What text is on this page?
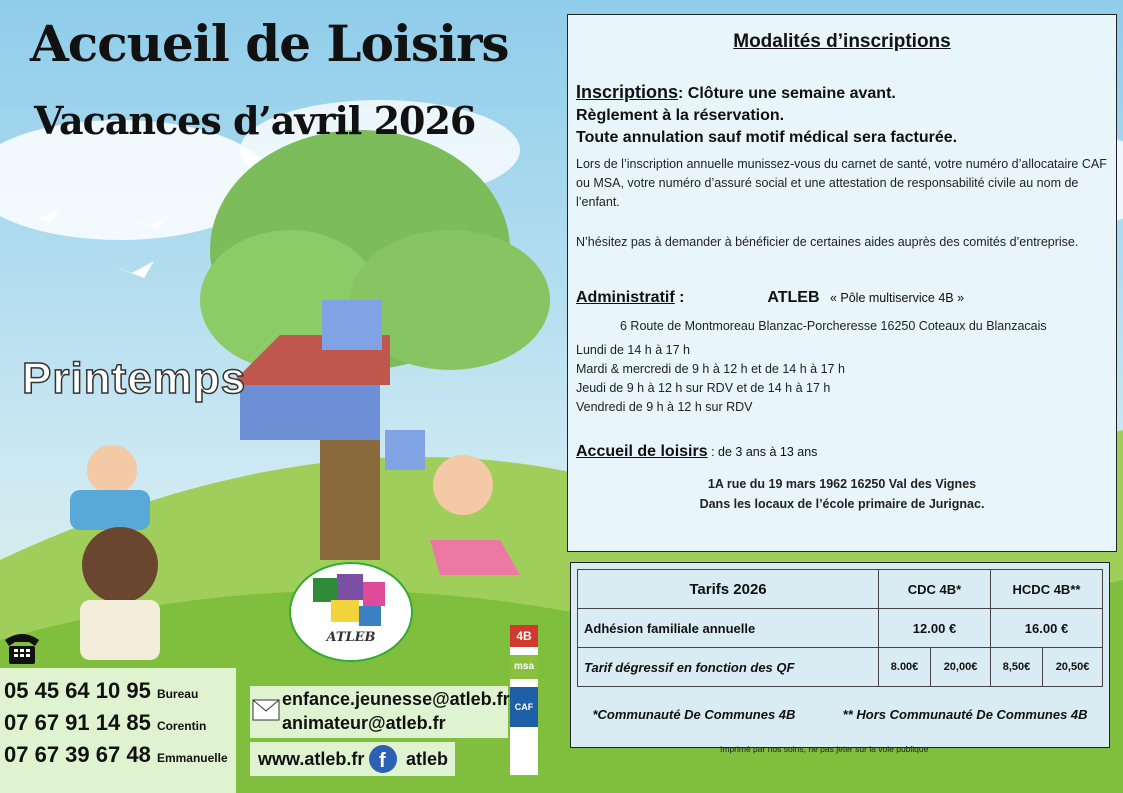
Accueil de Loisirs
Vacances d’avril 2026
Printemps
Modalités d’inscriptions
Inscriptions: Clôture une semaine avant.
Règlement à la réservation.
Toute annulation sauf motif médical sera facturée.
Lors de l’inscription annuelle munissez-vous du carnet de santé, votre numéro d’allocataire CAF ou MSA, votre numéro d’assuré social et une attestation de responsabilité civile au nom de l’enfant.
N’hésitez pas à demander à bénéficier de certaines aides auprès des comités d’entreprise.
Administratif :	ATLEB « Pôle multiservice 4B »
6 Route de Montmoreau Blanzac-Porcheresse 16250 Coteaux du Blanzacais
Lundi de 14 h à 17 h
Mardi & mercredi de 9 h à 12 h et de 14 h à 17 h
Jeudi de 9 h à 12 h sur RDV et de 14 h à 17 h
Vendredi de 9 h à 12 h sur RDV
Accueil de loisirs : de 3 ans à 13 ans
1A rue du 19 mars 1962 16250 Val des Vignes
Dans les locaux de l’école primaire de Jurignac.
Tarifs 2026	CDC 4B*		HCDC 4B**	
Adhésion familiale annuelle	12.00 €		16.00 €	
Tarif dégressif en fonction des QF	8.00€	20,00€	8,50€	20,50€
*Communauté De Communes 4B	** Hors Communauté De Communes 4B
Imprimé par nos soins, ne pas jeter sur la voie publique
ATLEB	4B
msa
CAF
05 45 64 10 95 Bureau
07 67 91 14 85 Corentin
07 67 39 67 48 Emmanuelle
enfance.jeunesse@atleb.fr
animateur@atleb.fr
www.atleb.fr f atleb
